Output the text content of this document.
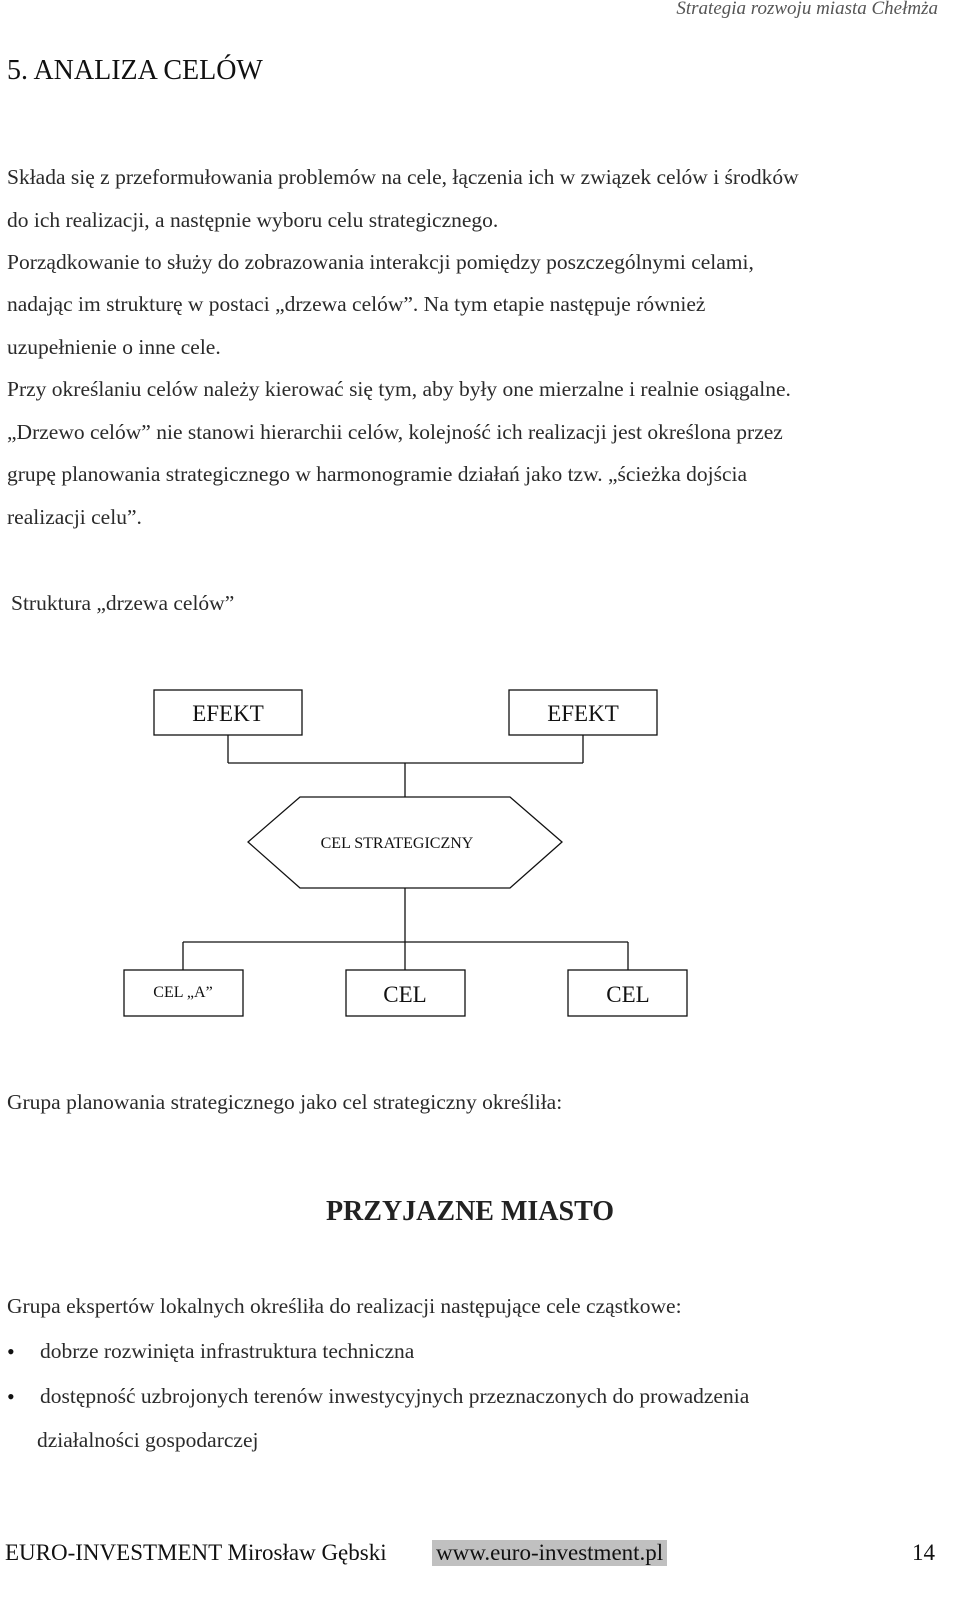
Strategia rozwoju miasta Chełmża
5. ANALIZA CELÓW

Składa się z przeformułowania problemów na cele, łączenia ich w związek celów i środków

do ich realizacji, a następnie wyboru celu strategicznego.

Porządkowanie to służy do zobrazowania interakcji pomiędzy poszczególnymi celami,

nadając im strukturę w postaci „drzewa celów”. Na tym etapie następuje również

uzupełnienie o inne cele.

Przy określaniu celów należy kierować się tym, aby były one mierzalne i realnie osiągalne.

„Drzewo celów” nie stanowi hierarchii celów, kolejność ich realizacji jest określona przez

grupę planowania strategicznego w harmonogramie działań jako tzw. „ścieżka dojścia

realizacji celu”.

Struktura „drzewa celów”

EFEKT	EFEKT
CEL STRATEGICZNY
CEL „A”	CEL	CEL

Grupa planowania strategicznego jako cel strategiczny określiła:

PRZYJAZNE MIASTO

Grupa ekspertów lokalnych określiła do realizacji następujące cele cząstkowe:

• dobrze rozwinięta infrastruktura techniczna

• dostępność uzbrojonych terenów inwestycyjnych przeznaczonych do prowadzenia

działalności gospodarczej

EURO-INVESTMENT Mirosław Gębski www.euro-investment.pl	14
